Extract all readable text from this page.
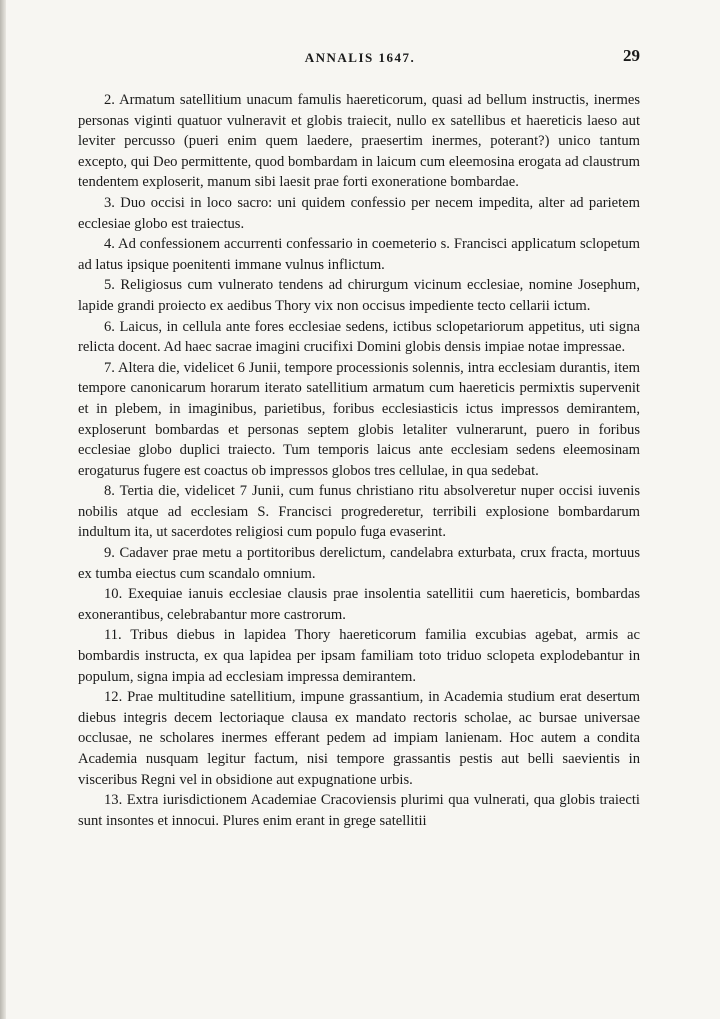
ANNALIS 1647.	29

2. Armatum satellitium unacum famulis haereticorum, quasi ad bellum instructis, inermes personas viginti quatuor vulneravit et globis traiecit, nullo ex satellibus et haereticis laeso aut leviter percusso (pueri enim quem laedere, praesertim inermes, poterant?) unico tantum excepto, qui Deo permittente, quod bombardam in laicum cum eleemosina erogata ad claustrum tendentem exploserit, manum sibi laesit prae forti exoneratione bombardae.

3. Duo occisi in loco sacro: uni quidem confessio per necem impedita, alter ad parietem ecclesiae globo est traiectus.

4. Ad confessionem accurrenti confessario in coemeterio s. Francisci applicatum sclopetum ad latus ipsique poenitenti immane vulnus inflictum.

5. Religiosus cum vulnerato tendens ad chirurgum vicinum ecclesiae, nomine Josephum, lapide grandi proiecto ex aedibus Thory vix non occisus impediente tecto cellarii ictum.

6. Laicus, in cellula ante fores ecclesiae sedens, ictibus sclopetariorum appetitus, uti signa relicta docent. Ad haec sacrae imagini crucifixi Domini globis densis impiae notae impressae.

7. Altera die, videlicet 6 Junii, tempore processionis solennis, intra ecclesiam durantis, item tempore canonicarum horarum iterato satellitium armatum cum haereticis permixtis supervenit et in plebem, in imaginibus, parietibus, foribus ecclesiasticis ictus impressos demirantem, exploserunt bombardas et personas septem globis letaliter vulnerarunt, puero in foribus ecclesiae globo duplici traiecto. Tum temporis laicus ante ecclesiam sedens eleemosinam erogaturus fugere est coactus ob impressos globos tres cellulae, in qua sedebat.

8. Tertia die, videlicet 7 Junii, cum funus christiano ritu absolveretur nuper occisi iuvenis nobilis atque ad ecclesiam S. Francisci progrederetur, terribili explosione bombardarum indultum ita, ut sacerdotes religiosi cum populo fuga evaserint.

9. Cadaver prae metu a portitoribus derelictum, candelabra exturbata, crux fracta, mortuus ex tumba eiectus cum scandalo omnium.

10. Exequiae ianuis ecclesiae clausis prae insolentia satellitii cum haereticis, bombardas exonerantibus, celebrabantur more castrorum.

11. Tribus diebus in lapidea Thory haereticorum familia excubias agebat, armis ac bombardis instructa, ex qua lapidea per ipsam familiam toto triduo sclopeta explodebantur in populum, signa impia ad ecclesiam impressa demirantem.

12. Prae multitudine satellitium, impune grassantium, in Academia studium erat desertum diebus integris decem lectoriaque clausa ex mandato rectoris scholae, ac bursae universae occlusae, ne scholares inermes efferant pedem ad impiam lanienam. Hoc autem a condita Academia nusquam legitur factum, nisi tempore grassantis pestis aut belli saevientis in visceribus Regni vel in obsidione aut expugnatione urbis.

13. Extra iurisdictionem Academiae Cracoviensis plurimi qua vulnerati, qua globis traiecti sunt insontes et innocui. Plures enim erant in grege satellitii
